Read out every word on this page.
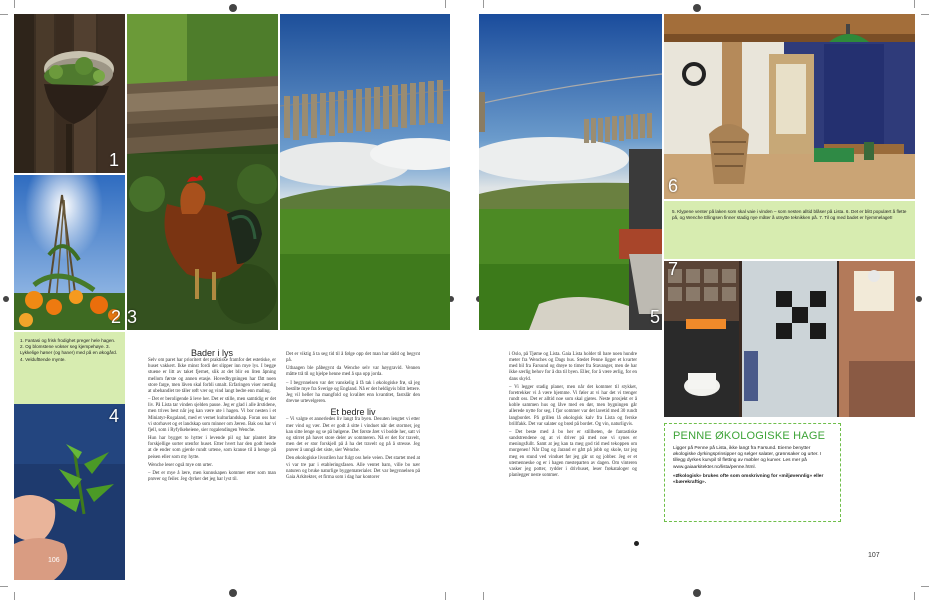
1
2 3
1. Fantasi og frisk frodighet preger hele hagen. 2. Og blomstene vokser seg kjempehøye. 3. Lykkelige høner (og haner) med på en økogård. 4. Veldufttende mynte.
4
106
Bader i lys

Selv om paret har prioritert det praktiske framfor det estetiske, er huset vakkert. Ikke minst fordi det slipper inn mye lys. I begge stuene er litt av taket fjernet, slik at det blir en liten åpning mellom første og annen etasje. Hovedbygningen har fått noen store farge, men låven skal forbli umalt. Erfaringen viser nemlig at ubehandlet tre tåler røft vær og vind langt bedre enn maling.

– Det er beroligende å leve her. Det er stille, men samtidig er det liv. På Lista tar vinden sjelden pause. Jeg er glad i alle årstidene, men trives best når jeg kan være ute i hagen. Vi bor nesten i et Miniatyr-Rogaland, med et vernet kulturlandskap. Foran oss har vi storhavet og et landskap som minner om Jæren. Bak oss har vi fjell, som i Ryfylkeheiene, sier rogalendingen Wenche.

Hun har bygget to hytter i levende pil og har plantet åtte forskjellige sorter utenfor huset. Etter hvert har den godt hende at de ender som gjerde rundt urtene, som kranse til å henge på peisen eller som my hytte.

Wenche leser også mye om urter.

– Det er mye å lære, men kunnskapen kommer etter som man prøver og feiler. Jeg dyrker det jeg har lyst til.

Det er viktig å ta seg tid til å følge opp det man har sådd og begynt på.

Utbaagen ble påbegynt da Wenche selv var høygravid. Vennen måtte trå til og hjelpe henne med å spa opp jorda.

– I begynnelsen var det vanskelig å få tak i økologiske frø, så jeg bestilte mye fra Sverige og England. Nå er det heldigvis blitt lettere. Jeg vil heller ha mangfold og kvalitet enn kvantitet, fastslår den drevne urtevelgeren.

Et bedre liv

– Vi valgte et annerledes liv langt fra byen. Desuten lengtet vi etter mer vind og vær. Det er godt å sitte i vinduet når det stormer, jeg kan sitte lenge og se på bølgene. Det første året vi bodde her, satt vi og stirret på havet store deler av sommeren. Nå er det for travelt, men det er stor forskjell på å ha det travelt og på å stresse. Jeg prøver å unngå det siste, sier Wenche.

Den økologiske livsstilen har fulgt oss hele veien. Det startet med at vi var tre par i etableringsfasen. Alle ventet barn, ville bo nær naturen og bruke naturlige byggematerialer. Det var begynnelsen på Gaia Arkitekter, et firma som i dag har kontorer

5
6
5. Klypene venter på laken som skal vaie i vinden – som nesten alltid blåser på Lista. 6. Det er blitt populært å flette på, og Wenche Ellingsen finner stadig nye måter å utnytte teknikken på. 7. Til og med badet er hjemmelaget!
7

i Oslo, på Tjøme og Lista. Gaia Lista holder til bare noen hundre meter fra Wenches og Dags hus. Stedet Penne ligger et kvarter med bil fra Farsund og drøye to timer fra Stavanger, men de har ikke særlig behov for å dra til byen. Eller, for å være ærlig, for en dans skyld.

– Vi legger stadig planer, men når det kommer til stykket, foretrekker vi å være hjemme. Vi føler at vi har det vi trenger rundt oss. Det er alltid noe som skal gjøres. Neste prosjekt er å koble sammen hus og låve med en dør, men bygningen går allerede nytte for seg. I fjor sommer var det lavetid med 30 rundt langbordet. På grillen lå økologisk kalv fra Lista og ferske brillfakk. Det var salater og brød på bordet. Og vin, naturligvis.

– Det beste med å bo her er stillheten, de fantastiske sandstrendene og at vi driver på med noe vi synes er meningsfullt. Samt at jeg kan ta meg god tid med tekoppen om morgenen! Når Dag og Jarand er gått på jobb og skole, tar jeg meg en stund ved vinduet før jeg går ut og jobber. Jeg er et utemenneske og er i hagen mesteparten av dagen. Om vinteren vasker jeg potter, rydder i drivhuset, leser frøkataloger og planlegger neste sommer.

PENNE ØKOLOGISKE HAGE

Ligger på Penne på Lista, ikke langt fra Farsund. Eierne benytter økologiske dyrkingsprinsipper og selger salater, grønnsaker og urter. I tillegg dyrkes kurvpil til fletting av møbler og kurver. Les mer på www.gaiaarkitekter.no/lista/penne.html.

«Økologisk» brukes ofte som omskrivning for «miljøvennlig» eller «bærekraftig».

107
